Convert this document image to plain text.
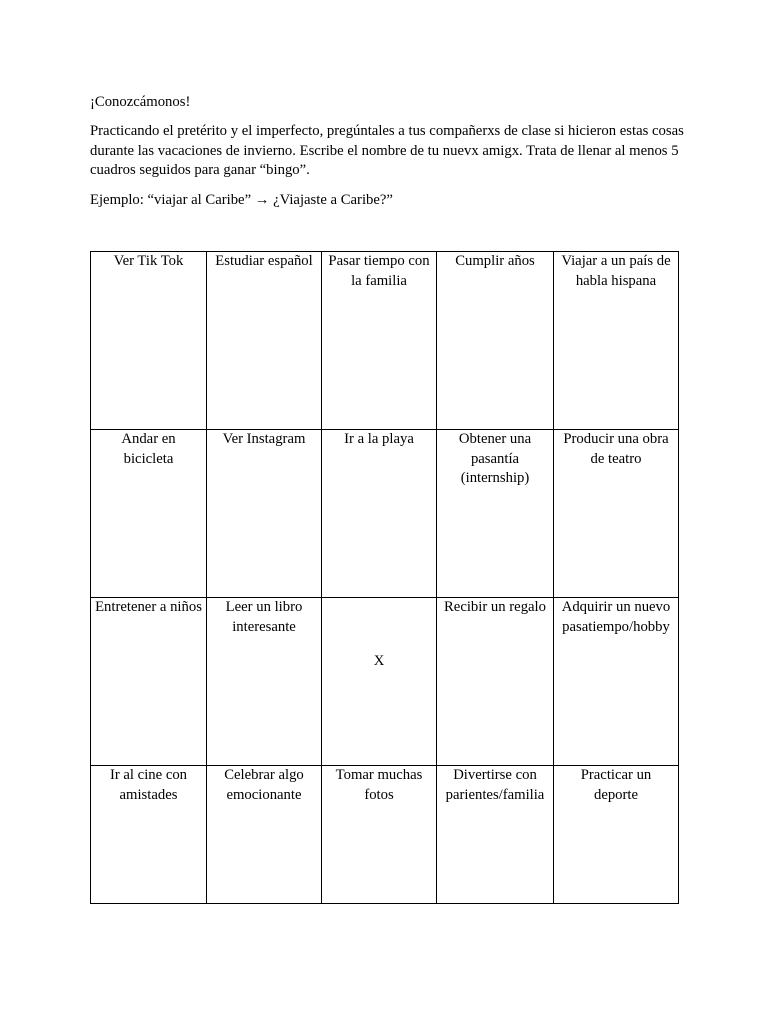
¡Conozcámonos!

Practicando el pretérito y el imperfecto, pregúntales a tus compañerxs de clase si hicieron estas cosas durante las vacaciones de invierno. Escribe el nombre de tu nuevx amigx. Trata de llenar al menos 5 cuadros seguidos para ganar “bingo”.

Ejemplo: “viajar al Caribe” → ¿Viajaste a Caribe?”

Ver Tik Tok	Estudiar español	Pasar tiempo con la familia	Cumplir años	Viajar a un país de habla hispana

Andar en bicicleta	Ver Instagram	Ir a la playa	Obtener una pasantía (internship)	Producir una obra de teatro

Entretener a niños	Leer un libro interesante	X	Recibir un regalo	Adquirir un nuevo pasatiempo/hobby

Ir al cine con amistades	Celebrar algo emocionante	Tomar muchas fotos	Divertirse con parientes/familia	Practicar un deporte
